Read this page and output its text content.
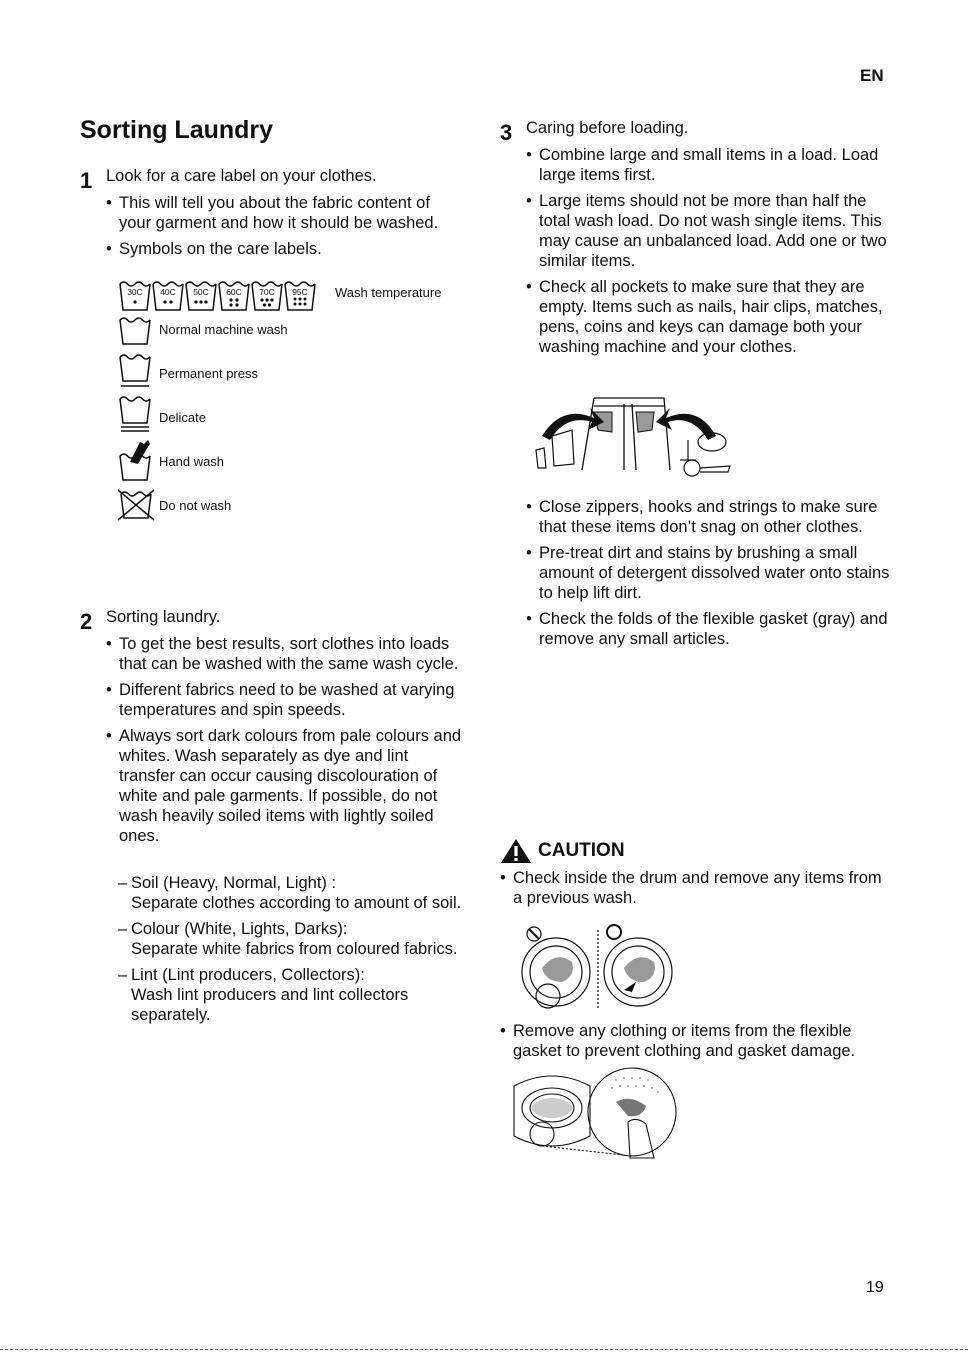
EN
Sorting Laundry
1 Look for a care label on your clothes.
• This will tell you about the fabric content of your garment and how it should be washed.
• Symbols on the care labels.
30C 40C 50C 60C 70C 95C Wash temperature
Normal machine wash
Permanent press
Delicate
Hand wash
Do not wash
2 Sorting laundry.
• To get the best results, sort clothes into loads that can be washed with the same wash cycle.
• Different fabrics need to be washed at varying temperatures and spin speeds.
• Always sort dark colours from pale colours and whites. Wash separately as dye and lint transfer can occur causing discolouration of white and pale garments. If possible, do not wash heavily soiled items with lightly soiled ones.
– Soil (Heavy, Normal, Light) :
Separate clothes according to amount of soil.
– Colour (White, Lights, Darks):
Separate white fabrics from coloured fabrics.
– Lint (Lint producers, Collectors):
Wash lint producers and lint collectors separately.
3 Caring before loading.
• Combine large and small items in a load. Load large items first.
• Large items should not be more than half the total wash load. Do not wash single items. This may cause an unbalanced load. Add one or two similar items.
• Check all pockets to make sure that they are empty. Items such as nails, hair clips, matches, pens, coins and keys can damage both your washing machine and your clothes.
• Close zippers, hooks and strings to make sure that these items don’t snag on other clothes.
• Pre-treat dirt and stains by brushing a small amount of detergent dissolved water onto stains to help lift dirt.
• Check the folds of the flexible gasket (gray) and remove any small articles.
CAUTION
• Check inside the drum and remove any items from a previous wash.
• Remove any clothing or items from the flexible gasket to prevent clothing and gasket damage.
19
